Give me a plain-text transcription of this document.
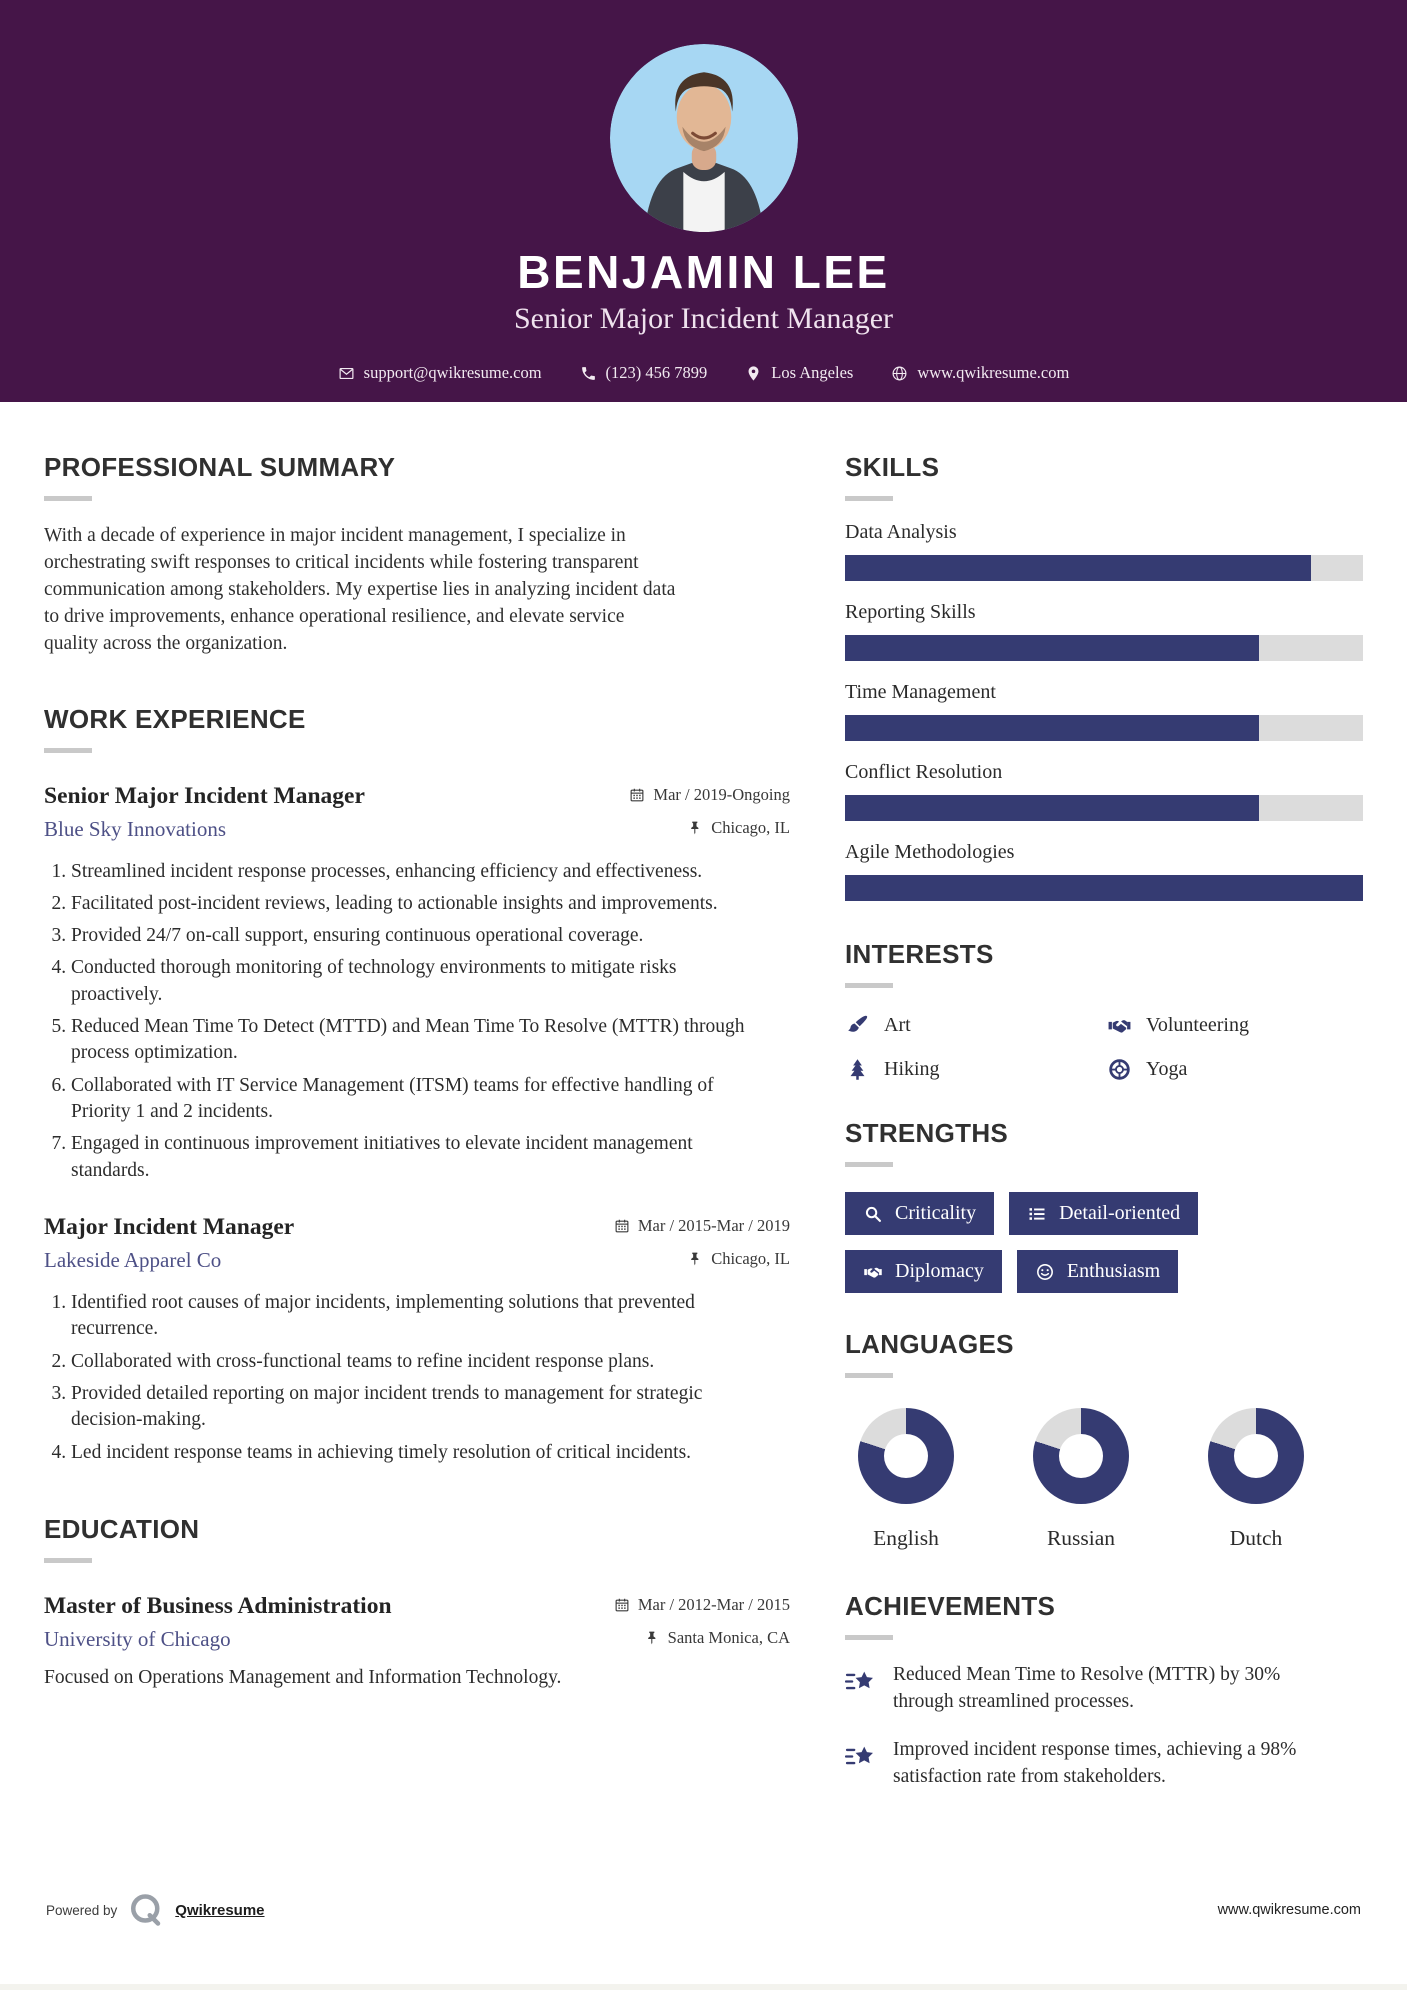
BENJAMIN LEE
Senior Major Incident Manager
support@qwikresume.com	(123) 456 7899	Los Angeles	www.qwikresume.com
PROFESSIONAL SUMMARY

With a decade of experience in major incident management, I specialize in orchestrating swift responses to critical incidents while fostering transparent communication among stakeholders. My expertise lies in analyzing incident data to drive improvements, enhance operational resilience, and elevate service quality across the organization.

WORK EXPERIENCE
Senior Major Incident Manager	Mar / 2019-Ongoing
Blue Sky Innovations	Chicago, IL
1. Streamlined incident response processes, enhancing efficiency and effectiveness.
2. Facilitated post-incident reviews, leading to actionable insights and improvements.
3. Provided 24/7 on-call support, ensuring continuous operational coverage.
4. Conducted thorough monitoring of technology environments to mitigate risks proactively.
5. Reduced Mean Time To Detect (MTTD) and Mean Time To Resolve (MTTR) through process optimization.
6. Collaborated with IT Service Management (ITSM) teams for effective handling of Priority 1 and 2 incidents.
7. Engaged in continuous improvement initiatives to elevate incident management standards.
Major Incident Manager	Mar / 2015-Mar / 2019
Lakeside Apparel Co	Chicago, IL
1. Identified root causes of major incidents, implementing solutions that prevented recurrence.
2. Collaborated with cross-functional teams to refine incident response plans.
3. Provided detailed reporting on major incident trends to management for strategic decision-making.
4. Led incident response teams in achieving timely resolution of critical incidents.
EDUCATION
Master of Business Administration	Mar / 2012-Mar / 2015
University of Chicago	Santa Monica, CA

Focused on Operations Management and Information Technology.

SKILLS
Data Analysis
Reporting Skills
Time Management
Conflict Resolution
Agile Methodologies
INTERESTS
Art	Volunteering
Hiking	Yoga
STRENGTHS
Criticality	Detail-oriented
Diplomacy	Enthusiasm
LANGUAGES
English	Russian	Dutch
ACHIEVEMENTS

Reduced Mean Time to Resolve (MTTR) by 30% through streamlined processes.

Improved incident response times, achieving a 98% satisfaction rate from stakeholders.

Powered by	Qwikresume	www.qwikresume.com
